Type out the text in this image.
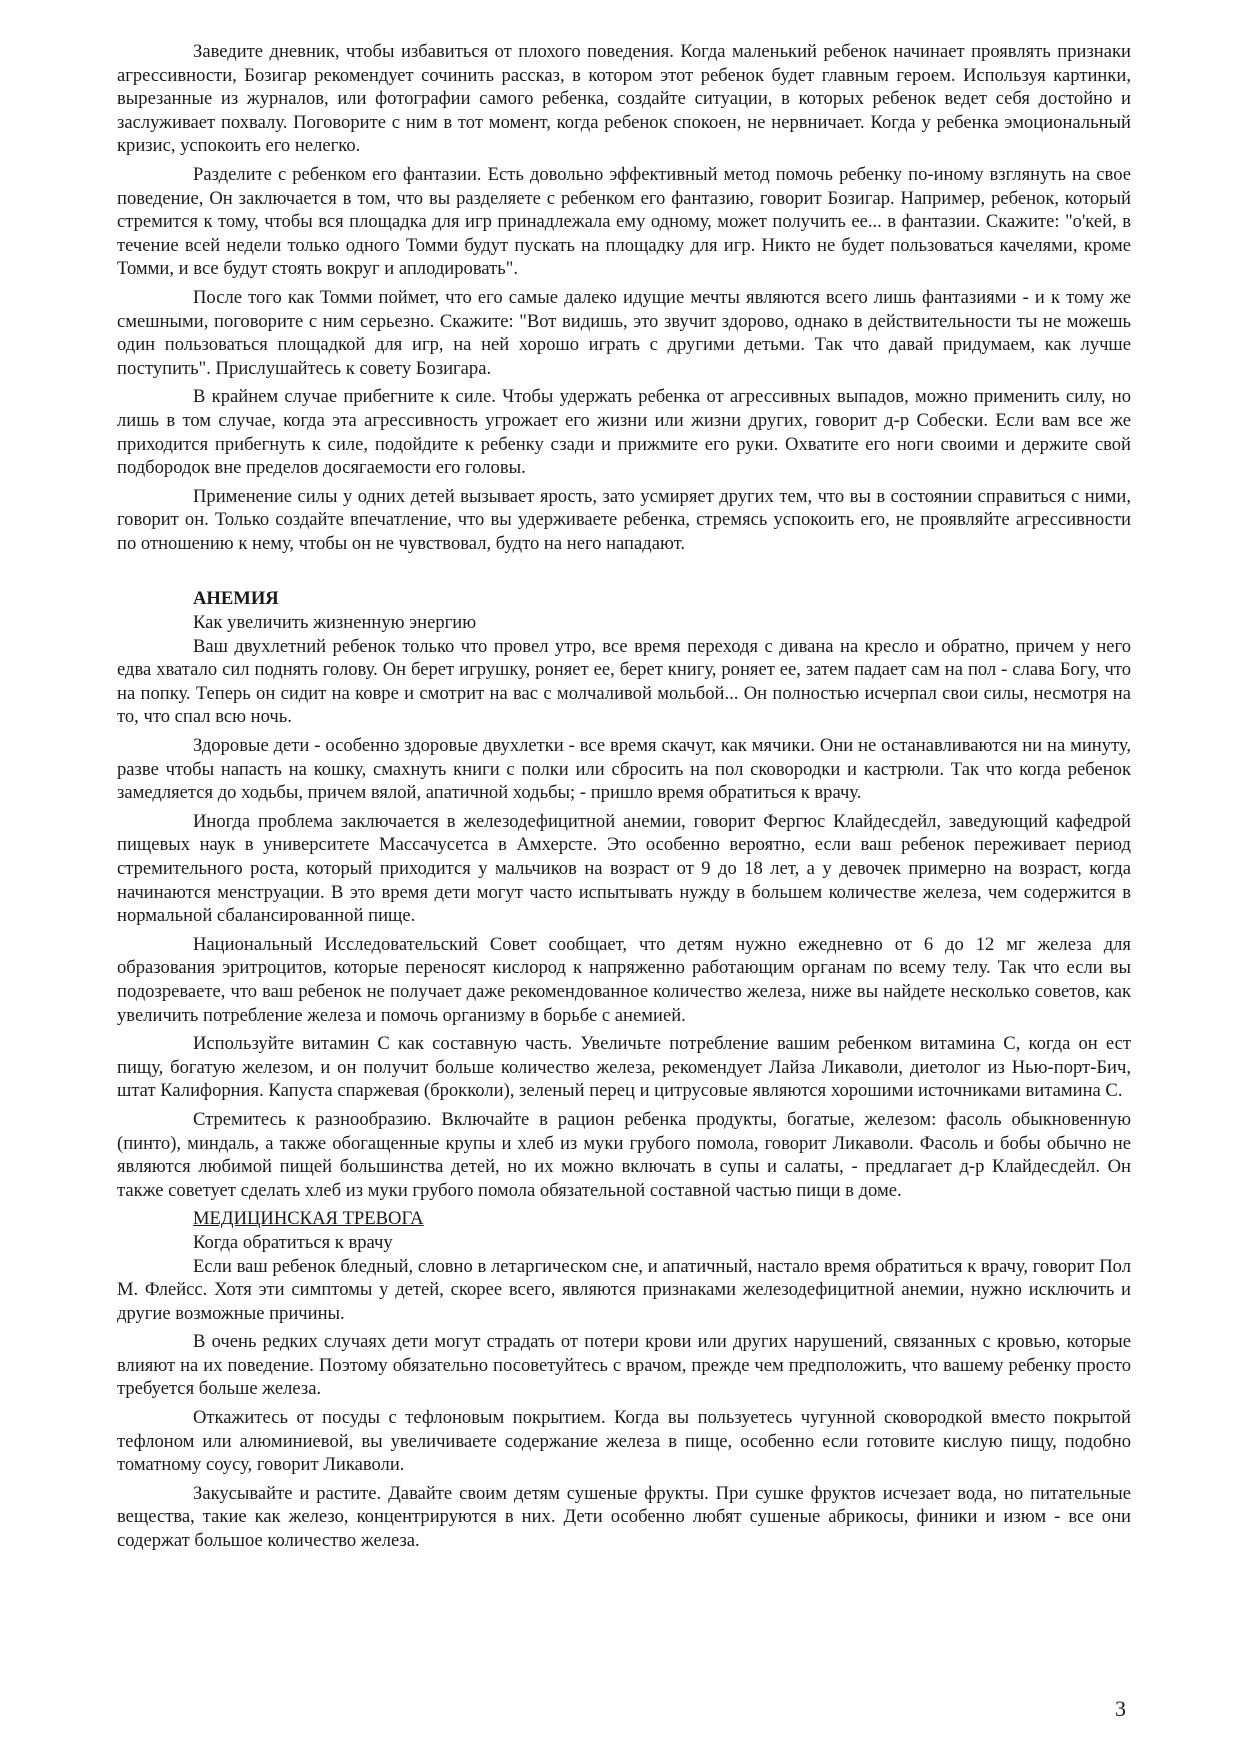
Заведите дневник, чтобы избавиться от плохого поведения. Когда маленький ребенок начинает проявлять признаки агрессивности, Бозигар рекомендует сочинить рассказ, в котором этот ребенок будет главным героем. Используя картинки, вырезанные из журналов, или фотографии самого ребенка, создайте ситуации, в которых ребенок ведет себя достойно и заслуживает похвалу. Поговорите с ним в тот момент, когда ребенок спокоен, не нервничает. Когда у ребенка эмоциональный кризис, успокоить его нелегко.

Разделите с ребенком его фантазии. Есть довольно эффективный метод помочь ребенку по-иному взглянуть на свое поведение, Он заключается в том, что вы разделяете с ребенком его фантазию, говорит Бозигар. Например, ребенок, который стремится к тому, чтобы вся площадка для игр принадлежала ему одному, может получить ее... в фантазии. Скажите: "о'кей, в течение всей недели только одного Томми будут пускать на площадку для игр. Никто не будет пользоваться качелями, кроме Томми, и все будут стоять вокруг и аплодировать".

После того как Томми поймет, что его самые далеко идущие мечты являются всего лишь фантазиями - и к тому же смешными, поговорите с ним серьезно. Скажите: "Вот видишь, это звучит здорово, однако в действительности ты не можешь один пользоваться площадкой для игр, на ней хорошо играть с другими детьми. Так что давай придумаем, как лучше поступить". Прислушайтесь к совету Бозигара.

В крайнем случае прибегните к силе. Чтобы удержать ребенка от агрессивных выпадов, можно применить силу, но лишь в том случае, когда эта агрессивность угрожает его жизни или жизни других, говорит д-р Собески. Если вам все же приходится прибегнуть к силе, подойдите к ребенку сзади и прижмите его руки. Охватите его ноги своими и держите свой подбородок вне пределов досягаемости его головы.

Применение силы у одних детей вызывает ярость, зато усмиряет других тем, что вы в состоянии справиться с ними, говорит он. Только создайте впечатление, что вы удерживаете ребенка, стремясь успокоить его, не проявляйте агрессивности по отношению к нему, чтобы он не чувствовал, будто на него нападают.

АНЕМИЯ

Как увеличить жизненную энергию

Ваш двухлетний ребенок только что провел утро, все время переходя с дивана на кресло и обратно, причем у него едва хватало сил поднять голову. Он берет игрушку, роняет ее, берет книгу, роняет ее, затем падает сам на пол - слава Богу, что на попку. Теперь он сидит на ковре и смотрит на вас с молчаливой мольбой... Он полностью исчерпал свои силы, несмотря на то, что спал всю ночь.

Здоровые дети - особенно здоровые двухлетки - все время скачут, как мячики. Они не останавливаются ни на минуту, разве чтобы напасть на кошку, смахнуть книги с полки или сбросить на пол сковородки и кастрюли. Так что когда ребенок замедляется до ходьбы, причем вялой, апатичной ходьбы; - пришло время обратиться к врачу.

Иногда проблема заключается в железодефицитной анемии, говорит Фергюс Клайдесдейл, заведующий кафедрой пищевых наук в университете Массачусетса в Амхерсте. Это особенно вероятно, если ваш ребенок переживает период стремительного роста, который приходится у мальчиков на возраст от 9 до 18 лет, а у девочек примерно на возраст, когда начинаются менструации. В это время дети могут часто испытывать нужду в большем количестве железа, чем содержится в нормальной сбалансированной пище.

Национальный Исследовательский Совет сообщает, что детям нужно ежедневно от 6 до 12 мг железа для образования эритроцитов, которые переносят кислород к напряженно работающим органам по всему телу. Так что если вы подозреваете, что ваш ребенок не получает даже рекомендованное количество железа, ниже вы найдете несколько советов, как увеличить потребление железа и помочь организму в борьбе с анемией.

Используйте витамин С как составную часть. Увеличьте потребление вашим ребенком витамина С, когда он ест пищу, богатую железом, и он получит больше количество железа, рекомендует Лайза Ликаволи, диетолог из Нью-порт-Бич, штат Калифорния. Капуста спаржевая (брокколи), зеленый перец и цитрусовые являются хорошими источниками витамина С.

Стремитесь к разнообразию. Включайте в рацион ребенка продукты, богатые, железом: фасоль обыкновенную (пинто), миндаль, а также обогащенные крупы и хлеб из муки грубого помола, говорит Ликаволи. Фасоль и бобы обычно не являются любимой пищей большинства детей, но их можно включать в супы и салаты, - предлагает д-р Клайдесдейл. Он также советует сделать хлеб из муки грубого помола обязательной составной частью пищи в доме.

МЕДИЦИНСКАЯ ТРЕВОГА

Когда обратиться к врачу

Если ваш ребенок бледный, словно в летаргическом сне, и апатичный, настало время обратиться к врачу, говорит Пол М. Флейсс. Хотя эти симптомы у детей, скорее всего, являются признаками железодефицитной анемии, нужно исключить и другие возможные причины.

В очень редких случаях дети могут страдать от потери крови или других нарушений, связанных с кровью, которые влияют на их поведение. Поэтому обязательно посоветуйтесь с врачом, прежде чем предположить, что вашему ребенку просто требуется больше железа.

Откажитесь от посуды с тефлоновым покрытием. Когда вы пользуетесь чугунной сковородкой вместо покрытой тефлоном или алюминиевой, вы увеличиваете содержание железа в пище, особенно если готовите кислую пищу, подобно томатному соусу, говорит Ликаволи.

Закусывайте и растите. Давайте своим детям сушеные фрукты. При сушке фруктов исчезает вода, но питательные вещества, такие как железо, концентрируются в них. Дети особенно любят сушеные абрикосы, финики и изюм - все они содержат большое количество железа.

3
